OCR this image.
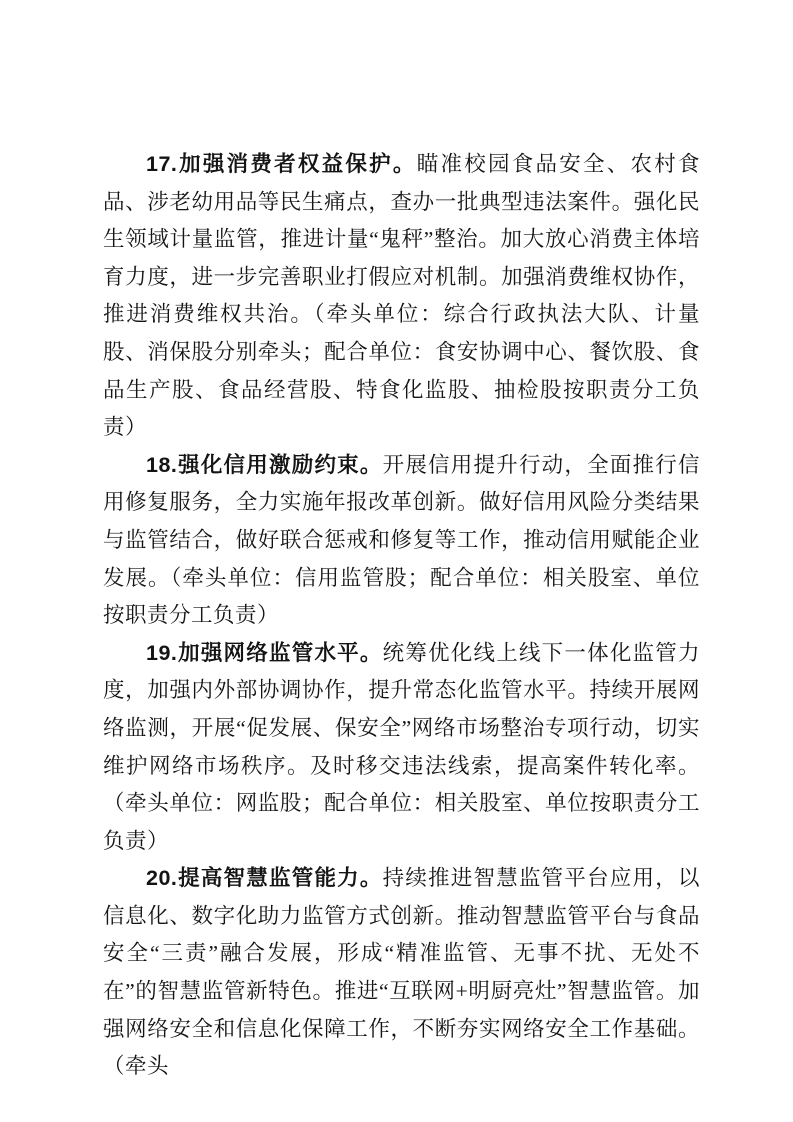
17.加强消费者权益保护。瞄准校园食品安全、农村食品、涉老幼用品等民生痛点，查办一批典型违法案件。强化民生领域计量监管，推进计量“鬼秤”整治。加大放心消费主体培育力度，进一步完善职业打假应对机制。加强消费维权协作，推进消费维权共治。（牵头单位：综合行政执法大队、计量股、消保股分别牵头；配合单位：食安协调中心、餐饮股、食品生产股、食品经营股、特食化监股、抽检股按职责分工负责）

18.强化信用激励约束。开展信用提升行动，全面推行信用修复服务，全力实施年报改革创新。做好信用风险分类结果与监管结合，做好联合惩戒和修复等工作，推动信用赋能企业发展。（牵头单位：信用监管股；配合单位：相关股室、单位按职责分工负责）

19.加强网络监管水平。统筹优化线上线下一体化监管力度，加强内外部协调协作，提升常态化监管水平。持续开展网络监测，开展“促发展、保安全”网络市场整治专项行动，切实维护网络市场秩序。及时移交违法线索，提高案件转化率。（牵头单位：网监股；配合单位：相关股室、单位按职责分工负责）

20.提高智慧监管能力。持续推进智慧监管平台应用，以信息化、数字化助力监管方式创新。推动智慧监管平台与食品安全“三责”融合发展，形成“精准监管、无事不扰、无处不在”的智慧监管新特色。推进“互联网+明厨亮灶”智慧监管。加强网络安全和信息化保障工作，不断夯实网络安全工作基础。（牵头
